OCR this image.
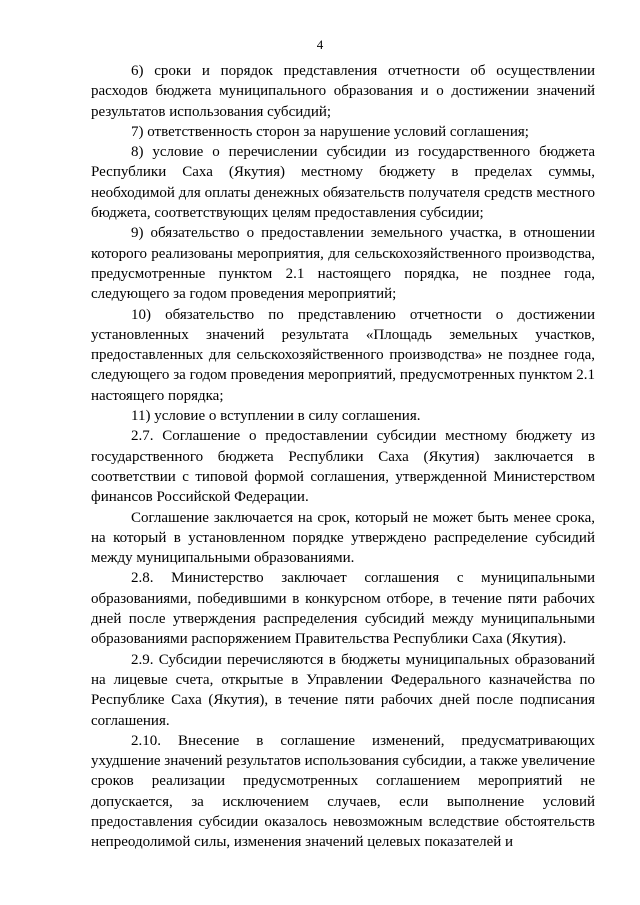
4

6) сроки и порядок представления отчетности об осуществлении расходов бюджета муниципального образования и о достижении значений результатов использования субсидий;

7) ответственность сторон за нарушение условий соглашения;

8) условие о перечислении субсидии из государственного бюджета Республики Саха (Якутия) местному бюджету в пределах суммы, необходимой для оплаты денежных обязательств получателя средств местного бюджета, соответствующих целям предоставления субсидии;

9) обязательство о предоставлении земельного участка, в отношении которого реализованы мероприятия, для сельскохозяйственного производства, предусмотренные пунктом 2.1 настоящего порядка, не позднее года, следующего за годом проведения мероприятий;

10) обязательство по представлению отчетности о достижении установленных значений результата «Площадь земельных участков, предоставленных для сельскохозяйственного производства» не позднее года, следующего за годом проведения мероприятий, предусмотренных пунктом 2.1 настоящего порядка;

11) условие о вступлении в силу соглашения.

2.7. Соглашение о предоставлении субсидии местному бюджету из государственного бюджета Республики Саха (Якутия) заключается в соответствии с типовой формой соглашения, утвержденной Министерством финансов Российской Федерации.

Соглашение заключается на срок, который не может быть менее срока, на который в установленном порядке утверждено распределение субсидий между муниципальными образованиями.

2.8. Министерство заключает соглашения с муниципальными образованиями, победившими в конкурсном отборе, в течение пяти рабочих дней после утверждения распределения субсидий между муниципальными образованиями распоряжением Правительства Республики Саха (Якутия).

2.9. Субсидии перечисляются в бюджеты муниципальных образований на лицевые счета, открытые в Управлении Федерального казначейства по Республике Саха (Якутия), в течение пяти рабочих дней после подписания соглашения.

2.10. Внесение в соглашение изменений, предусматривающих ухудшение значений результатов использования субсидии, а также увеличение сроков реализации предусмотренных соглашением мероприятий не допускается, за исключением случаев, если выполнение условий предоставления субсидии оказалось невозможным вследствие обстоятельств непреодолимой силы, изменения значений целевых показателей и
